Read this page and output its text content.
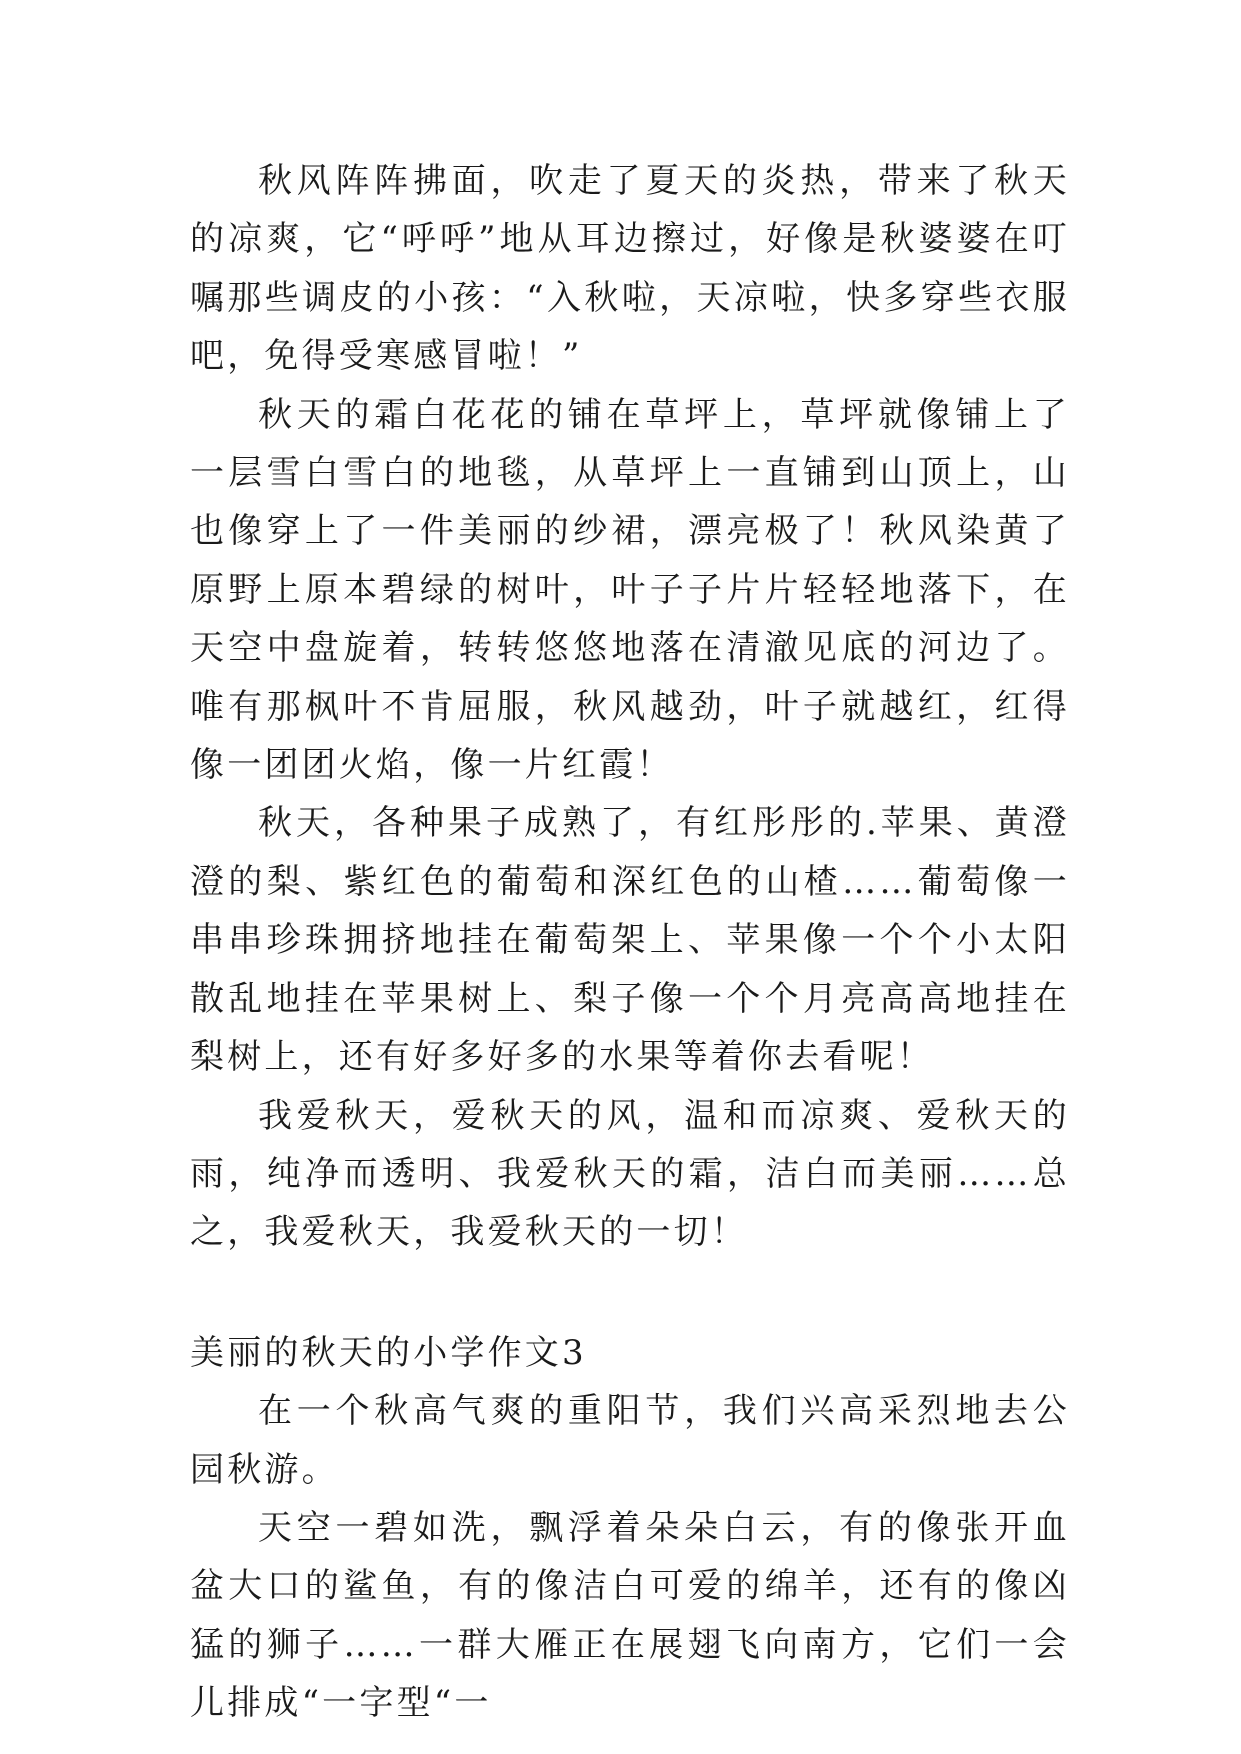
秋风阵阵拂面，吹走了夏天的炎热，带来了秋天的凉爽，它“呼呼”地从耳边擦过，好像是秋婆婆在叮嘱那些调皮的小孩：“入秋啦，天凉啦，快多穿些衣服吧，免得受寒感冒啦！”

秋天的霜白花花的铺在草坪上，草坪就像铺上了一层雪白雪白的地毯，从草坪上一直铺到山顶上，山也像穿上了一件美丽的纱裙，漂亮极了！秋风染黄了原野上原本碧绿的树叶，叶子子片片轻轻地落下，在天空中盘旋着，转转悠悠地落在清澈见底的河边了。唯有那枫叶不肯屈服，秋风越劲，叶子就越红，红得像一团团火焰，像一片红霞！

秋天，各种果子成熟了，有红彤彤的.苹果、黄澄澄的梨、紫红色的葡萄和深红色的山楂……葡萄像一串串珍珠拥挤地挂在葡萄架上、苹果像一个个小太阳散乱地挂在苹果树上、梨子像一个个月亮高高地挂在梨树上，还有好多好多的水果等着你去看呢！

我爱秋天，爱秋天的风，温和而凉爽、爱秋天的雨，纯净而透明、我爱秋天的霜，洁白而美丽……总之，我爱秋天，我爱秋天的一切！

美丽的秋天的小学作文3

在一个秋高气爽的重阳节，我们兴高采烈地去公园秋游。

天空一碧如洗，飘浮着朵朵白云，有的像张开血盆大口的鲨鱼，有的像洁白可爱的绵羊，还有的像凶猛的狮子……一群大雁正在展翅飞向南方，它们一会儿排成“一字型“一
